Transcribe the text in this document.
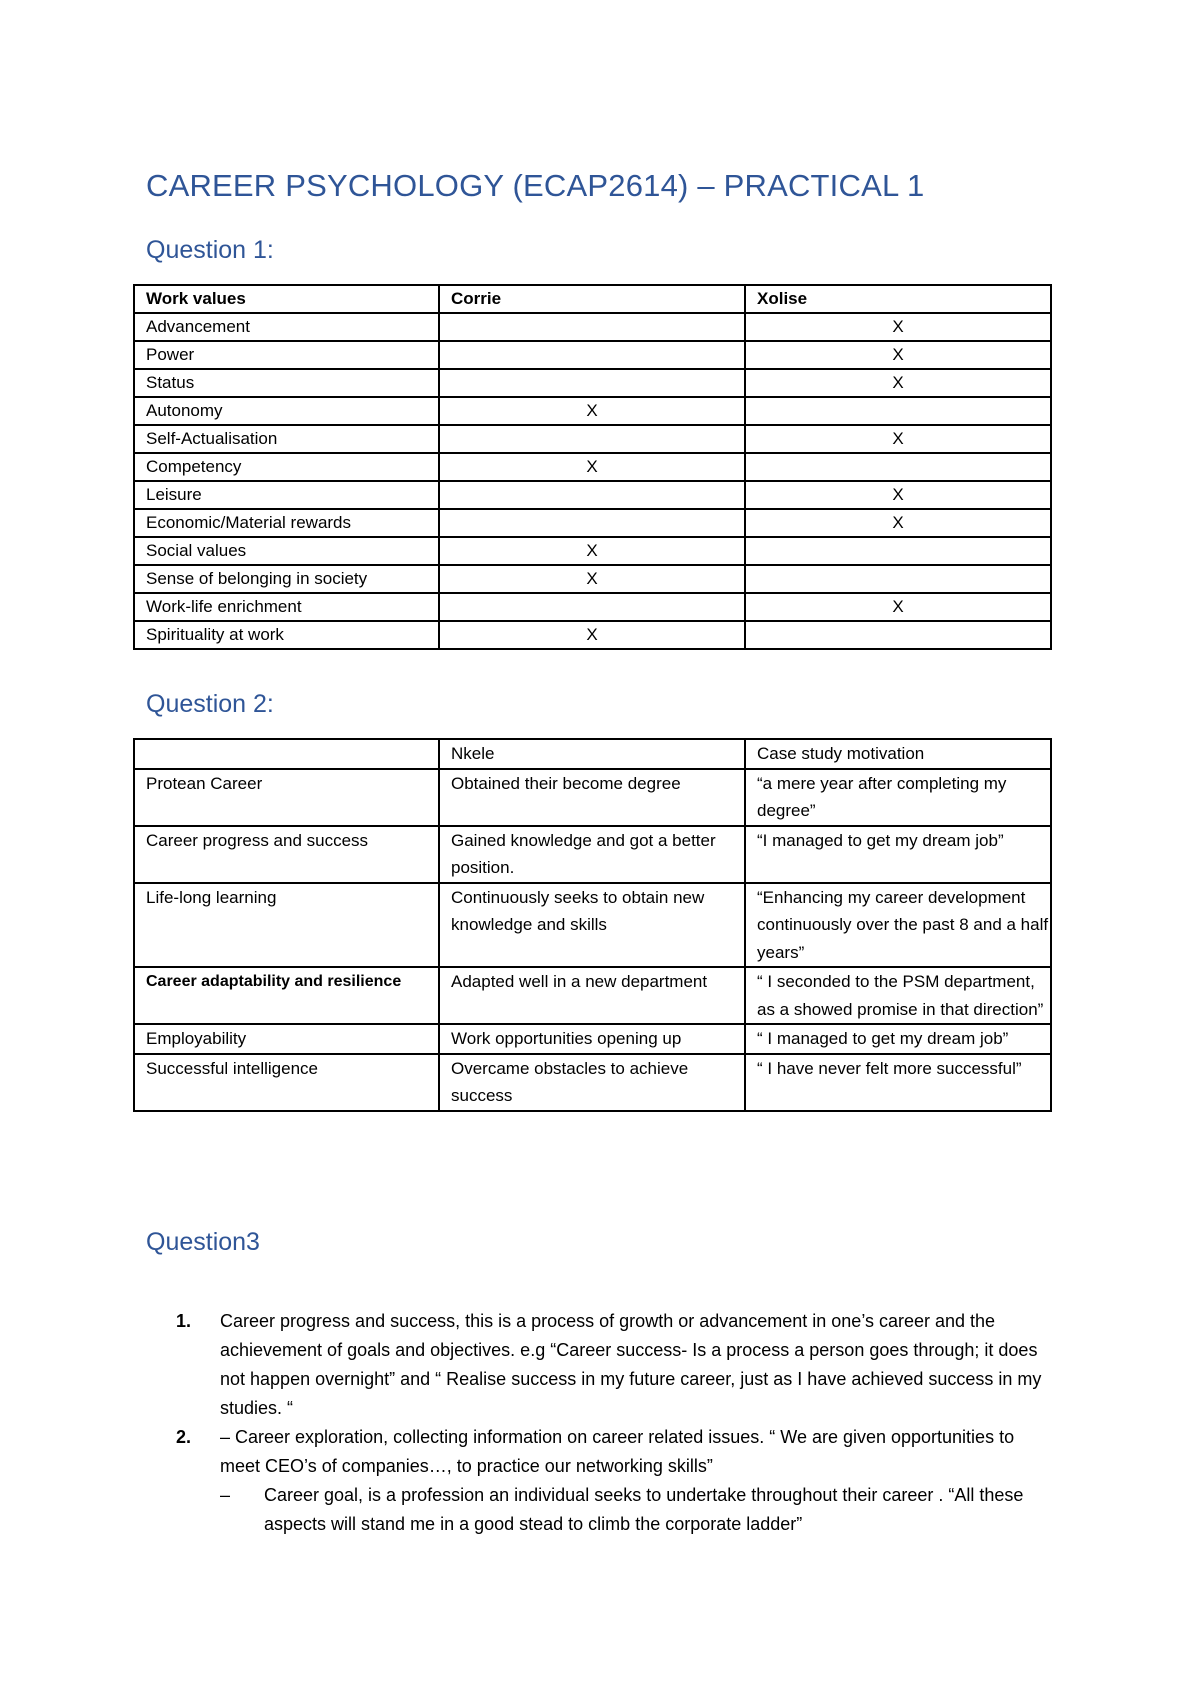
CAREER PSYCHOLOGY (ECAP2614) – PRACTICAL 1
Question 1:
Work values	Corrie	Xolise
Advancement		X
Power		X
Status		X
Autonomy	X	
Self-Actualisation		X
Competency	X	
Leisure		X
Economic/Material rewards		X
Social values	X	
Sense of belonging in society	X	
Work-life enrichment		X
Spirituality at work	X	
Question 2:
	Nkele	Case study motivation
Protean Career	Obtained their become degree	“a mere year after completing my degree”
Career progress and success	Gained knowledge and got a better position.	“I managed to get my dream job”
Life-long learning	Continuously seeks to obtain new knowledge and skills	“Enhancing my career development continuously over the past 8 and a half years”
Career adaptability and resilience	Adapted well in a new department	“ I seconded to the PSM department, as a showed promise in that direction”
Employability	Work opportunities opening up	“ I managed to get my dream job”
Successful intelligence	Overcame obstacles to achieve success	“ I have never felt more successful”
Question3
1. Career progress and success, this is a process of growth or advancement in one’s career and the achievement of goals and objectives. e.g “Career success- Is a process a person goes through; it does not happen overnight” and “ Realise success in my future career, just as I have achieved success in my studies. “
2. – Career exploration, collecting information on career related issues. “ We are given opportunities to meet CEO’s of companies…, to practice our networking skills”
– Career goal, is a profession an individual seeks to undertake throughout their career . “All these aspects will stand me in a good stead to climb the corporate ladder”
